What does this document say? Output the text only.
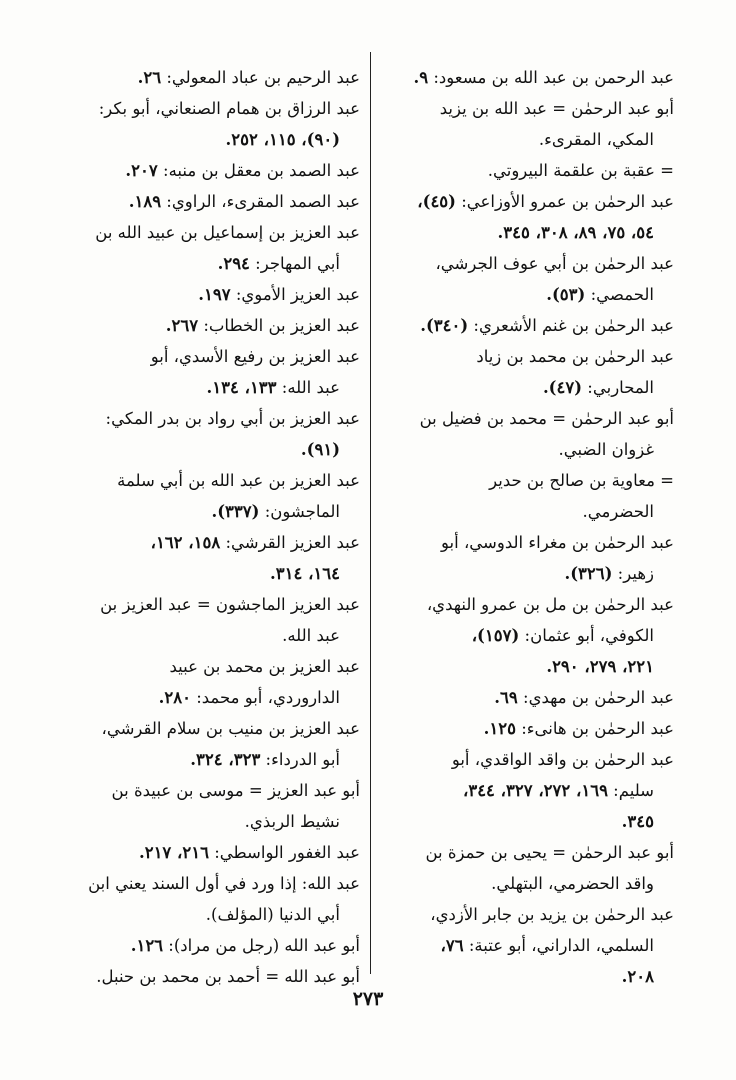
عبد الرحمن بن عبد الله بن مسعود: ٩.
أبو عبد الرحمٰن = عبد الله بن يزيد
المكي، المقرىء.
= عقبة بن علقمة البيروتي.
عبد الرحمٰن بن عمرو الأوزاعي: (٤٥)،
٥٤، ٧٥، ٨٩، ٣٠٨، ٣٤٥.
عبد الرحمٰن بن أبي عوف الجرشي،
الحمصي: (٥٣).
عبد الرحمٰن بن غنم الأشعري: (٣٤٠).
عبد الرحمٰن بن محمد بن زياد
المحاربي: (٤٧).
أبو عبد الرحمٰن = محمد بن فضيل بن
غزوان الضبي.
= معاوية بن صالح بن حدير
الحضرمي.
عبد الرحمٰن بن مغراء الدوسي، أبو
زهير: (٣٢٦).
عبد الرحمٰن بن مل بن عمرو النهدي،
الكوفي، أبو عثمان: (١٥٧)،
٢٢١، ٢٧٩، ٢٩٠.
عبد الرحمٰن بن مهدي: ٦٩.
عبد الرحمٰن بن هانىء: ١٢٥.
عبد الرحمٰن بن واقد الواقدي، أبو
سليم: ١٦٩، ٢٧٢، ٣٢٧، ٣٤٤،
٣٤٥.
أبو عبد الرحمٰن = يحيى بن حمزة بن
واقد الحضرمي، البتهلي.
عبد الرحمٰن بن يزيد بن جابر الأزدي،
السلمي، الداراني، أبو عتبة: ٧٦،
٢٠٨.
عبد الرحيم بن عباد المعولي: ٢٦.
عبد الرزاق بن همام الصنعاني، أبو بكر:
(٩٠)، ١١٥، ٢٥٢.
عبد الصمد بن معقل بن منبه: ٢٠٧.
عبد الصمد المقرىء، الراوي: ١٨٩.
عبد العزيز بن إسماعيل بن عبيد الله بن
أبي المهاجر: ٢٩٤.
عبد العزيز الأموي: ١٩٧.
عبد العزيز بن الخطاب: ٢٦٧.
عبد العزيز بن رفيع الأسدي، أبو
عبد الله: ١٣٣، ١٣٤.
عبد العزيز بن أبي رواد بن بدر المكي:
(٩١).
عبد العزيز بن عبد الله بن أبي سلمة
الماجشون: (٣٣٧).
عبد العزيز القرشي: ١٥٨، ١٦٢،
١٦٤، ٣١٤.
عبد العزيز الماجشون = عبد العزيز بن
عبد الله.
عبد العزيز بن محمد بن عبيد
الداروردي، أبو محمد: ٢٨٠.
عبد العزيز بن منيب بن سلام القرشي،
أبو الدرداء: ٣٢٣، ٣٢٤.
أبو عبد العزيز = موسى بن عبيدة بن
نشيط الربذي.
عبد الغفور الواسطي: ٢١٦، ٢١٧.
عبد الله: إذا ورد في أول السند يعني ابن
أبي الدنيا (المؤلف).
أبو عبد الله (رجل من مراد): ١٢٦.
أبو عبد الله = أحمد بن محمد بن حنبل.
٢٧٣
